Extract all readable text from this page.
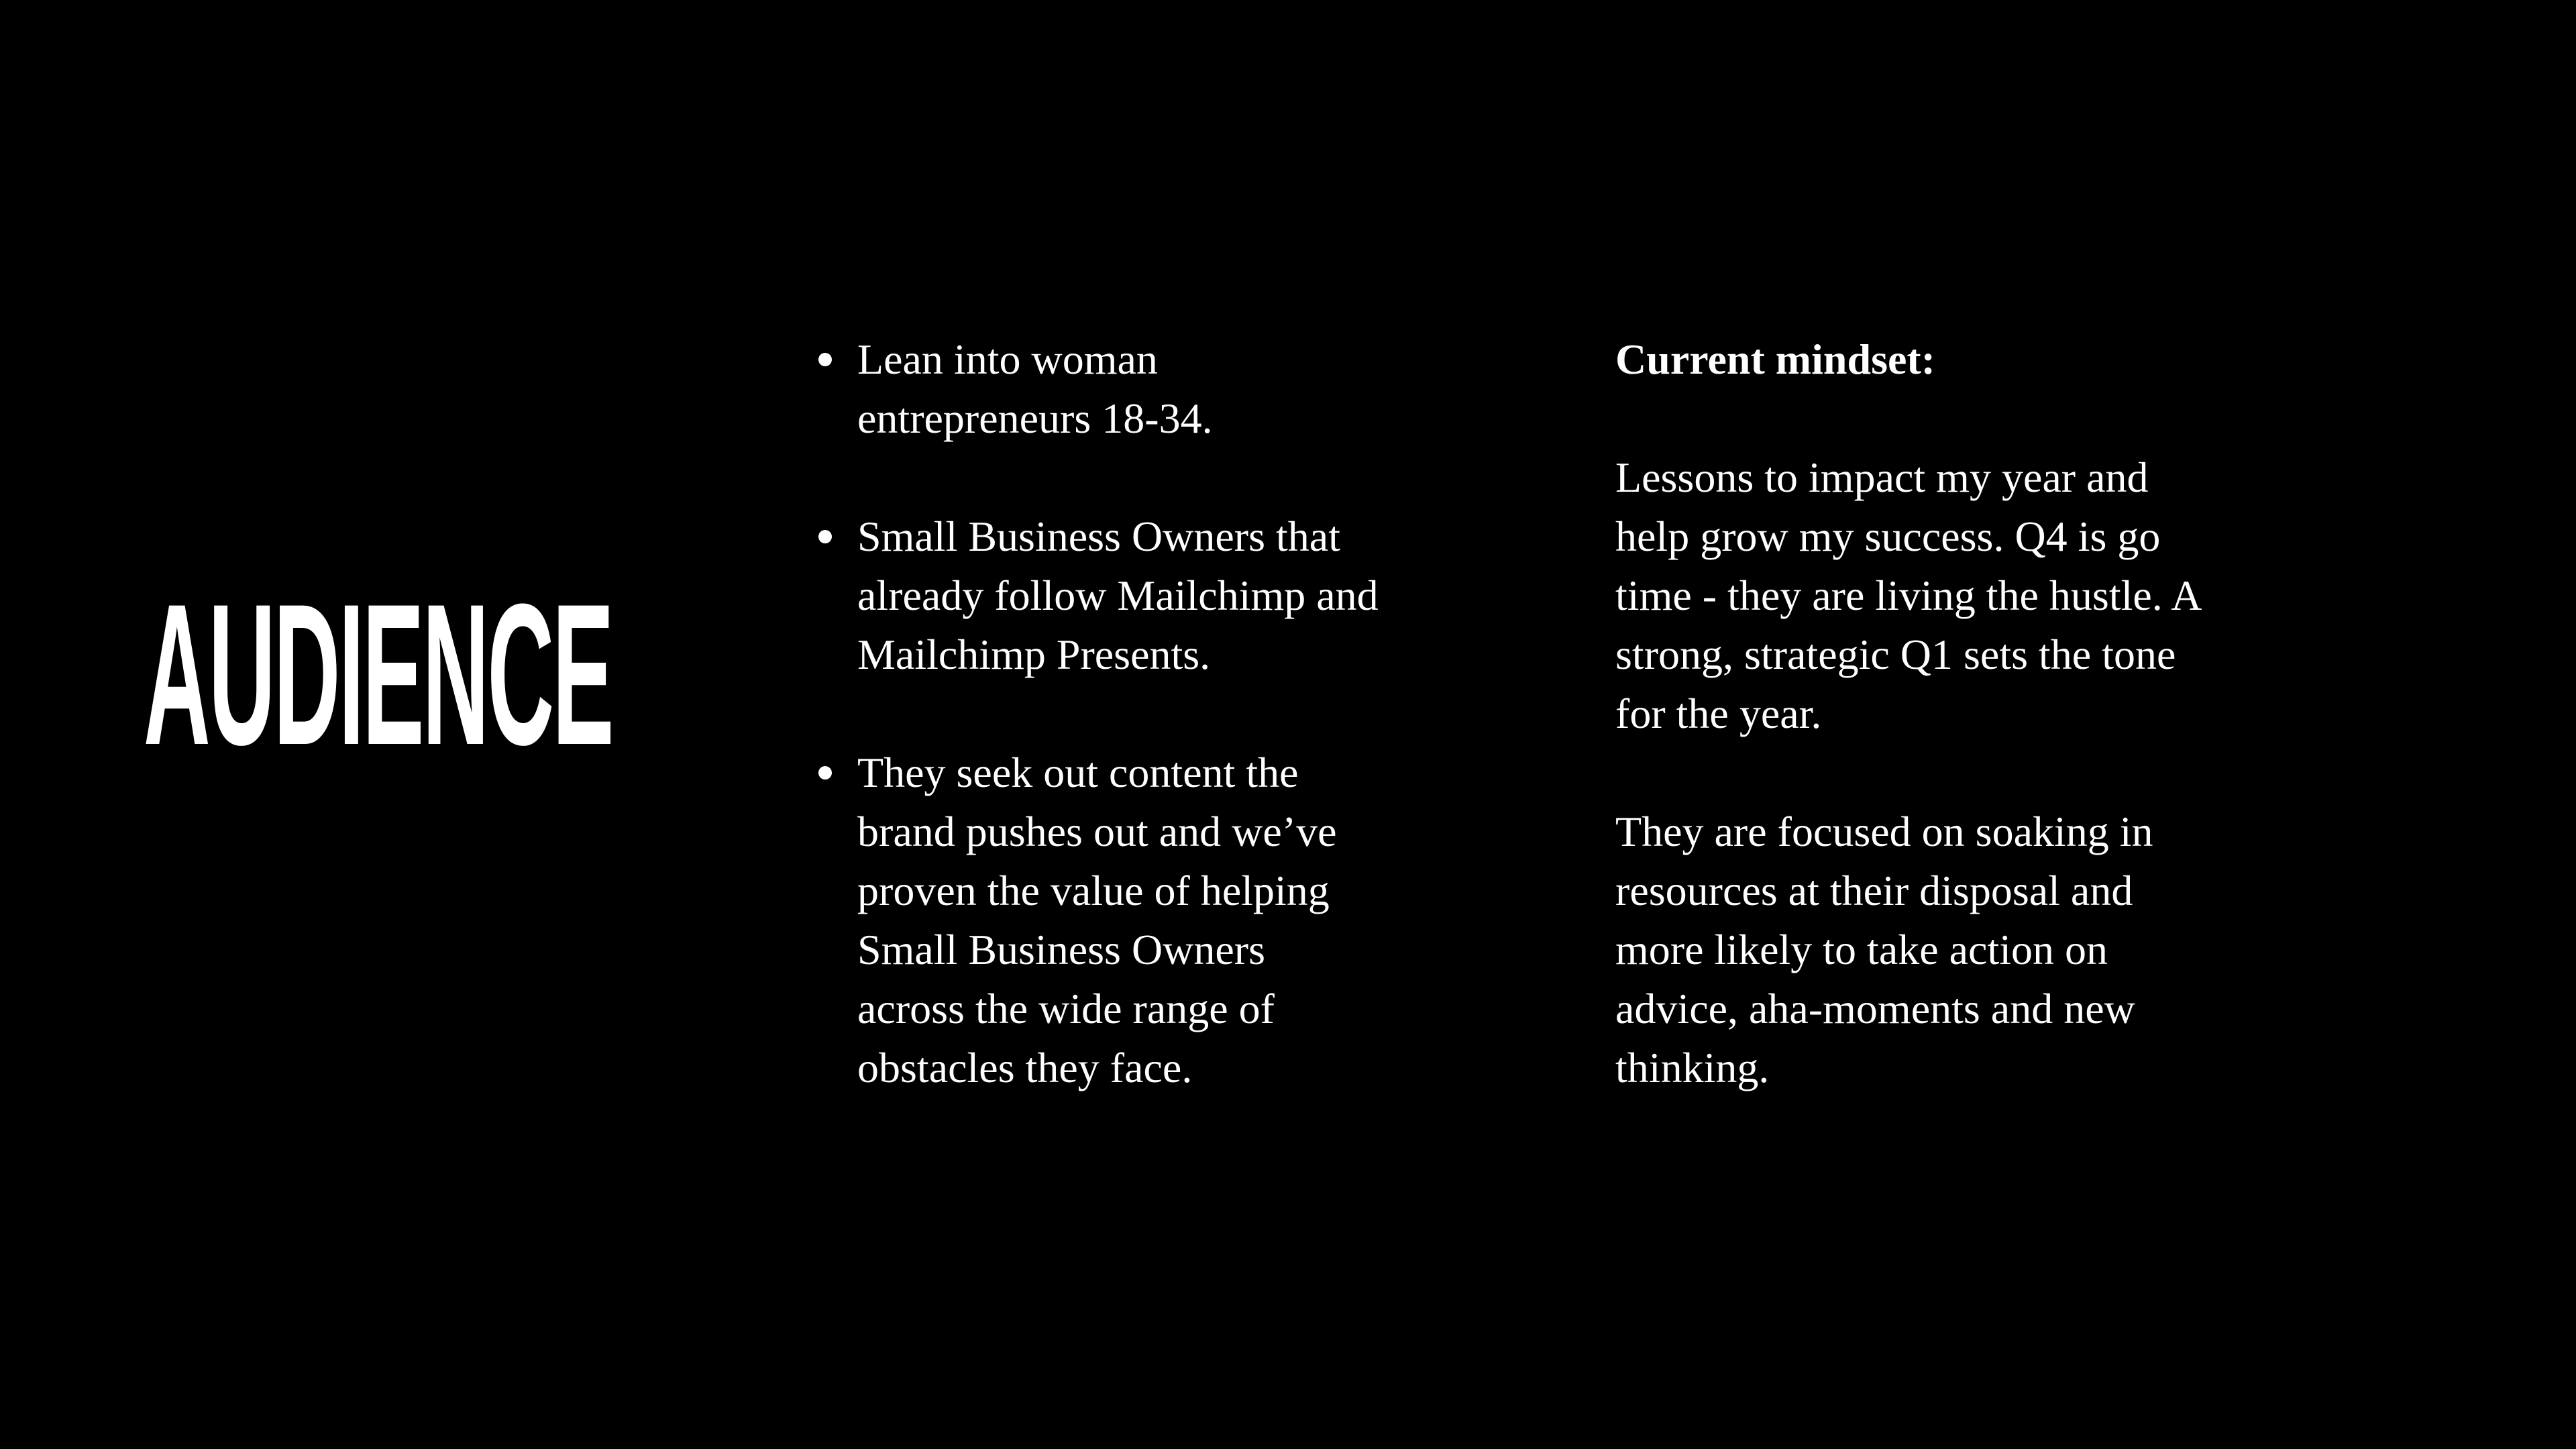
AUDIENCE
Lean into woman entrepreneurs 18-34.
Small Business Owners that already follow Mailchimp and Mailchimp Presents.
They seek out content the brand pushes out and we’ve proven the value of helping Small Business Owners across the wide range of obstacles they face.
Current mindset:
Lessons to impact my year and help grow my success. Q4 is go time - they are living the hustle. A strong, strategic Q1 sets the tone for the year.
They are focused on soaking in resources at their disposal and more likely to take action on advice, aha-moments and new thinking.
